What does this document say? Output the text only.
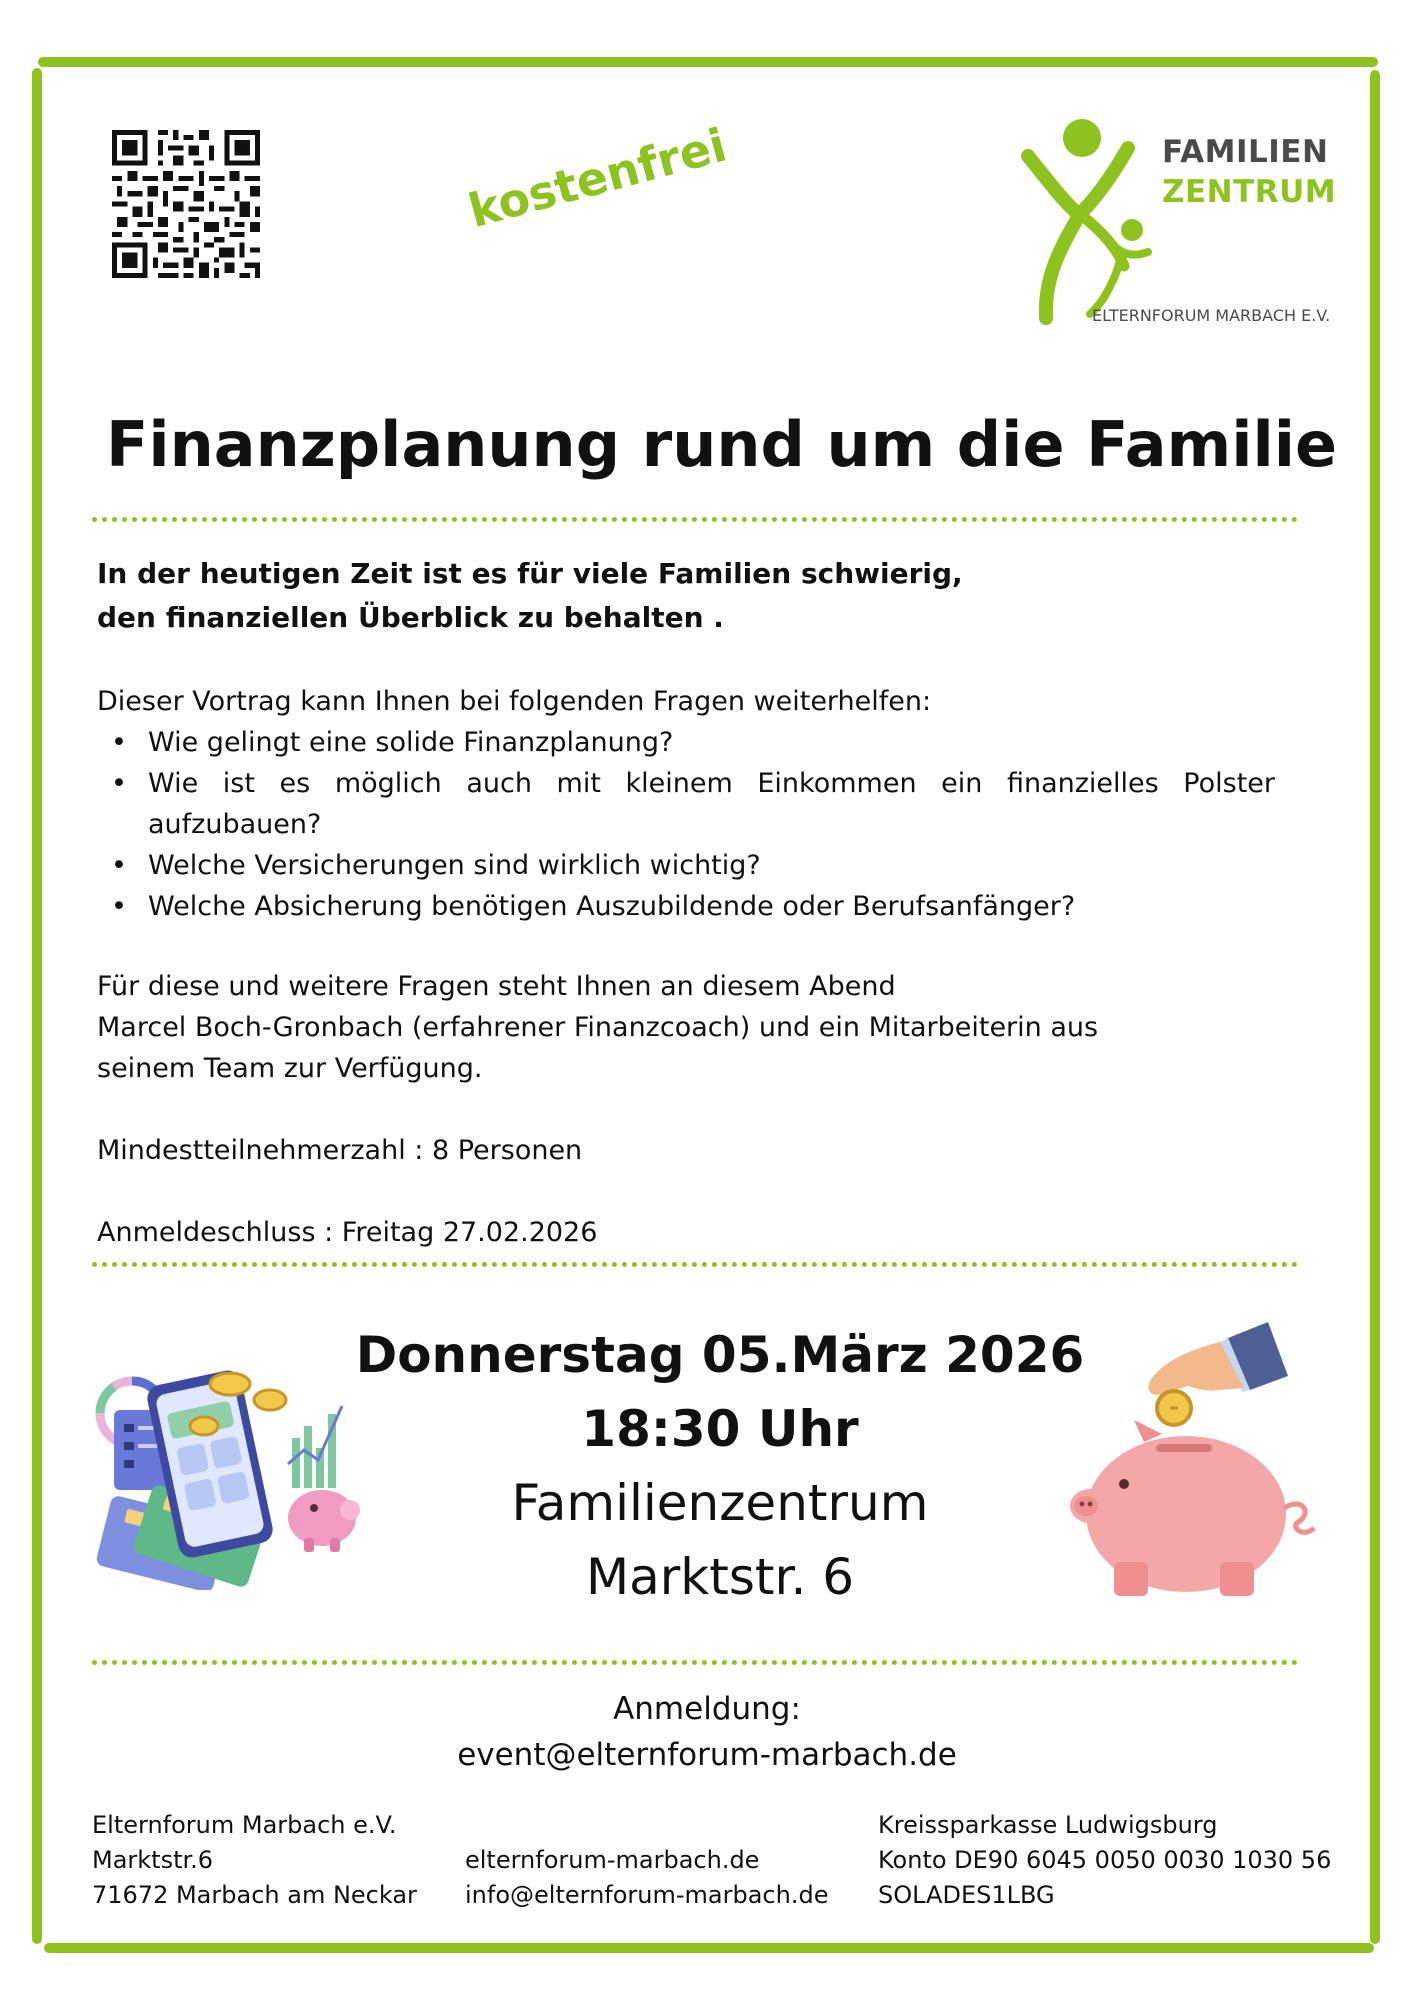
kostenfrei	FAMILIEN
ZENTRUM
ELTERNFORUM MARBACH E.V.
Finanzplanung rund um die Familie
In der heutigen Zeit ist es für viele Familien schwierig,
den finanziellen Überblick zu behalten .
Dieser Vortrag kann Ihnen bei folgenden Fragen weiterhelfen:
• Wie gelingt eine solide Finanzplanung?
• Wie ist es möglich auch mit kleinem Einkommen ein finanzielles Polster aufzubauen?
• Welche Versicherungen sind wirklich wichtig?
• Welche Absicherung benötigen Auszubildende oder Berufsanfänger?
Für diese und weitere Fragen steht Ihnen an diesem Abend
Marcel Boch-Gronbach (erfahrener Finanzcoach) und ein Mitarbeiterin aus
seinem Team zur Verfügung.
Mindestteilnehmerzahl : 8 Personen
Anmeldeschluss : Freitag 27.02.2026
Donnerstag 05.März 2026
18:30 Uhr
Familienzentrum
Marktstr. 6
Anmeldung:
event@elternforum-marbach.de
Elternforum Marbach e.V.
Marktstr.6
71672 Marbach am Neckar
elternforum-marbach.de
info@elternforum-marbach.de
Kreissparkasse Ludwigsburg
Konto DE90 6045 0050 0030 1030 56
SOLADES1LBG
